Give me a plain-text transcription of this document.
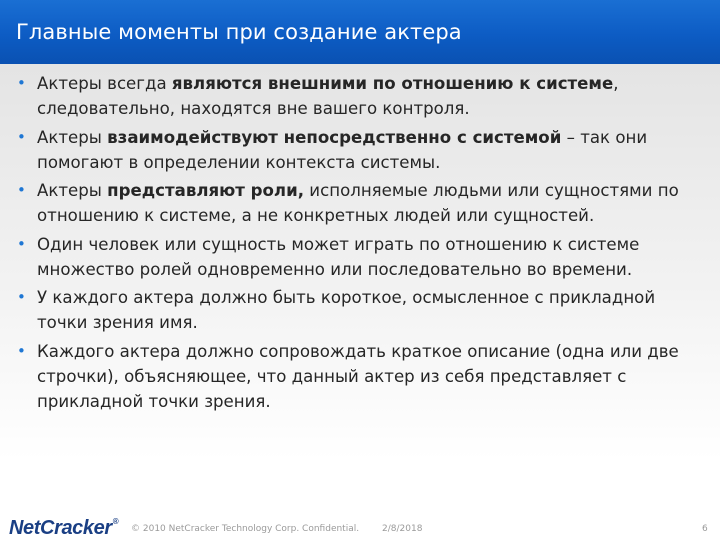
Главные моменты при создание актера
• Актеры всегда являются внешними по отношению к системе, следовательно, находятся вне вашего контроля.
• Актеры взаимодействуют непосредственно с системой – так они помогают в определении контекста системы.
• Актеры представляют роли, исполняемые людьми или сущностями по отношению к системе, а не конкретных людей или сущностей.
• Один человек или сущность может играть по отношению к системе множество ролей одновременно или последовательно во времени.
• У каждого актера должно быть короткое, осмысленное с прикладной точки зрения имя.
• Каждого актера должно сопровождать краткое описание (одна или две строчки), объясняющее, что данный актер из себя представляет с прикладной точки зрения.
NetCracker®
© 2010 NetCracker Technology Corp. Confidential.	2/8/2018	6
